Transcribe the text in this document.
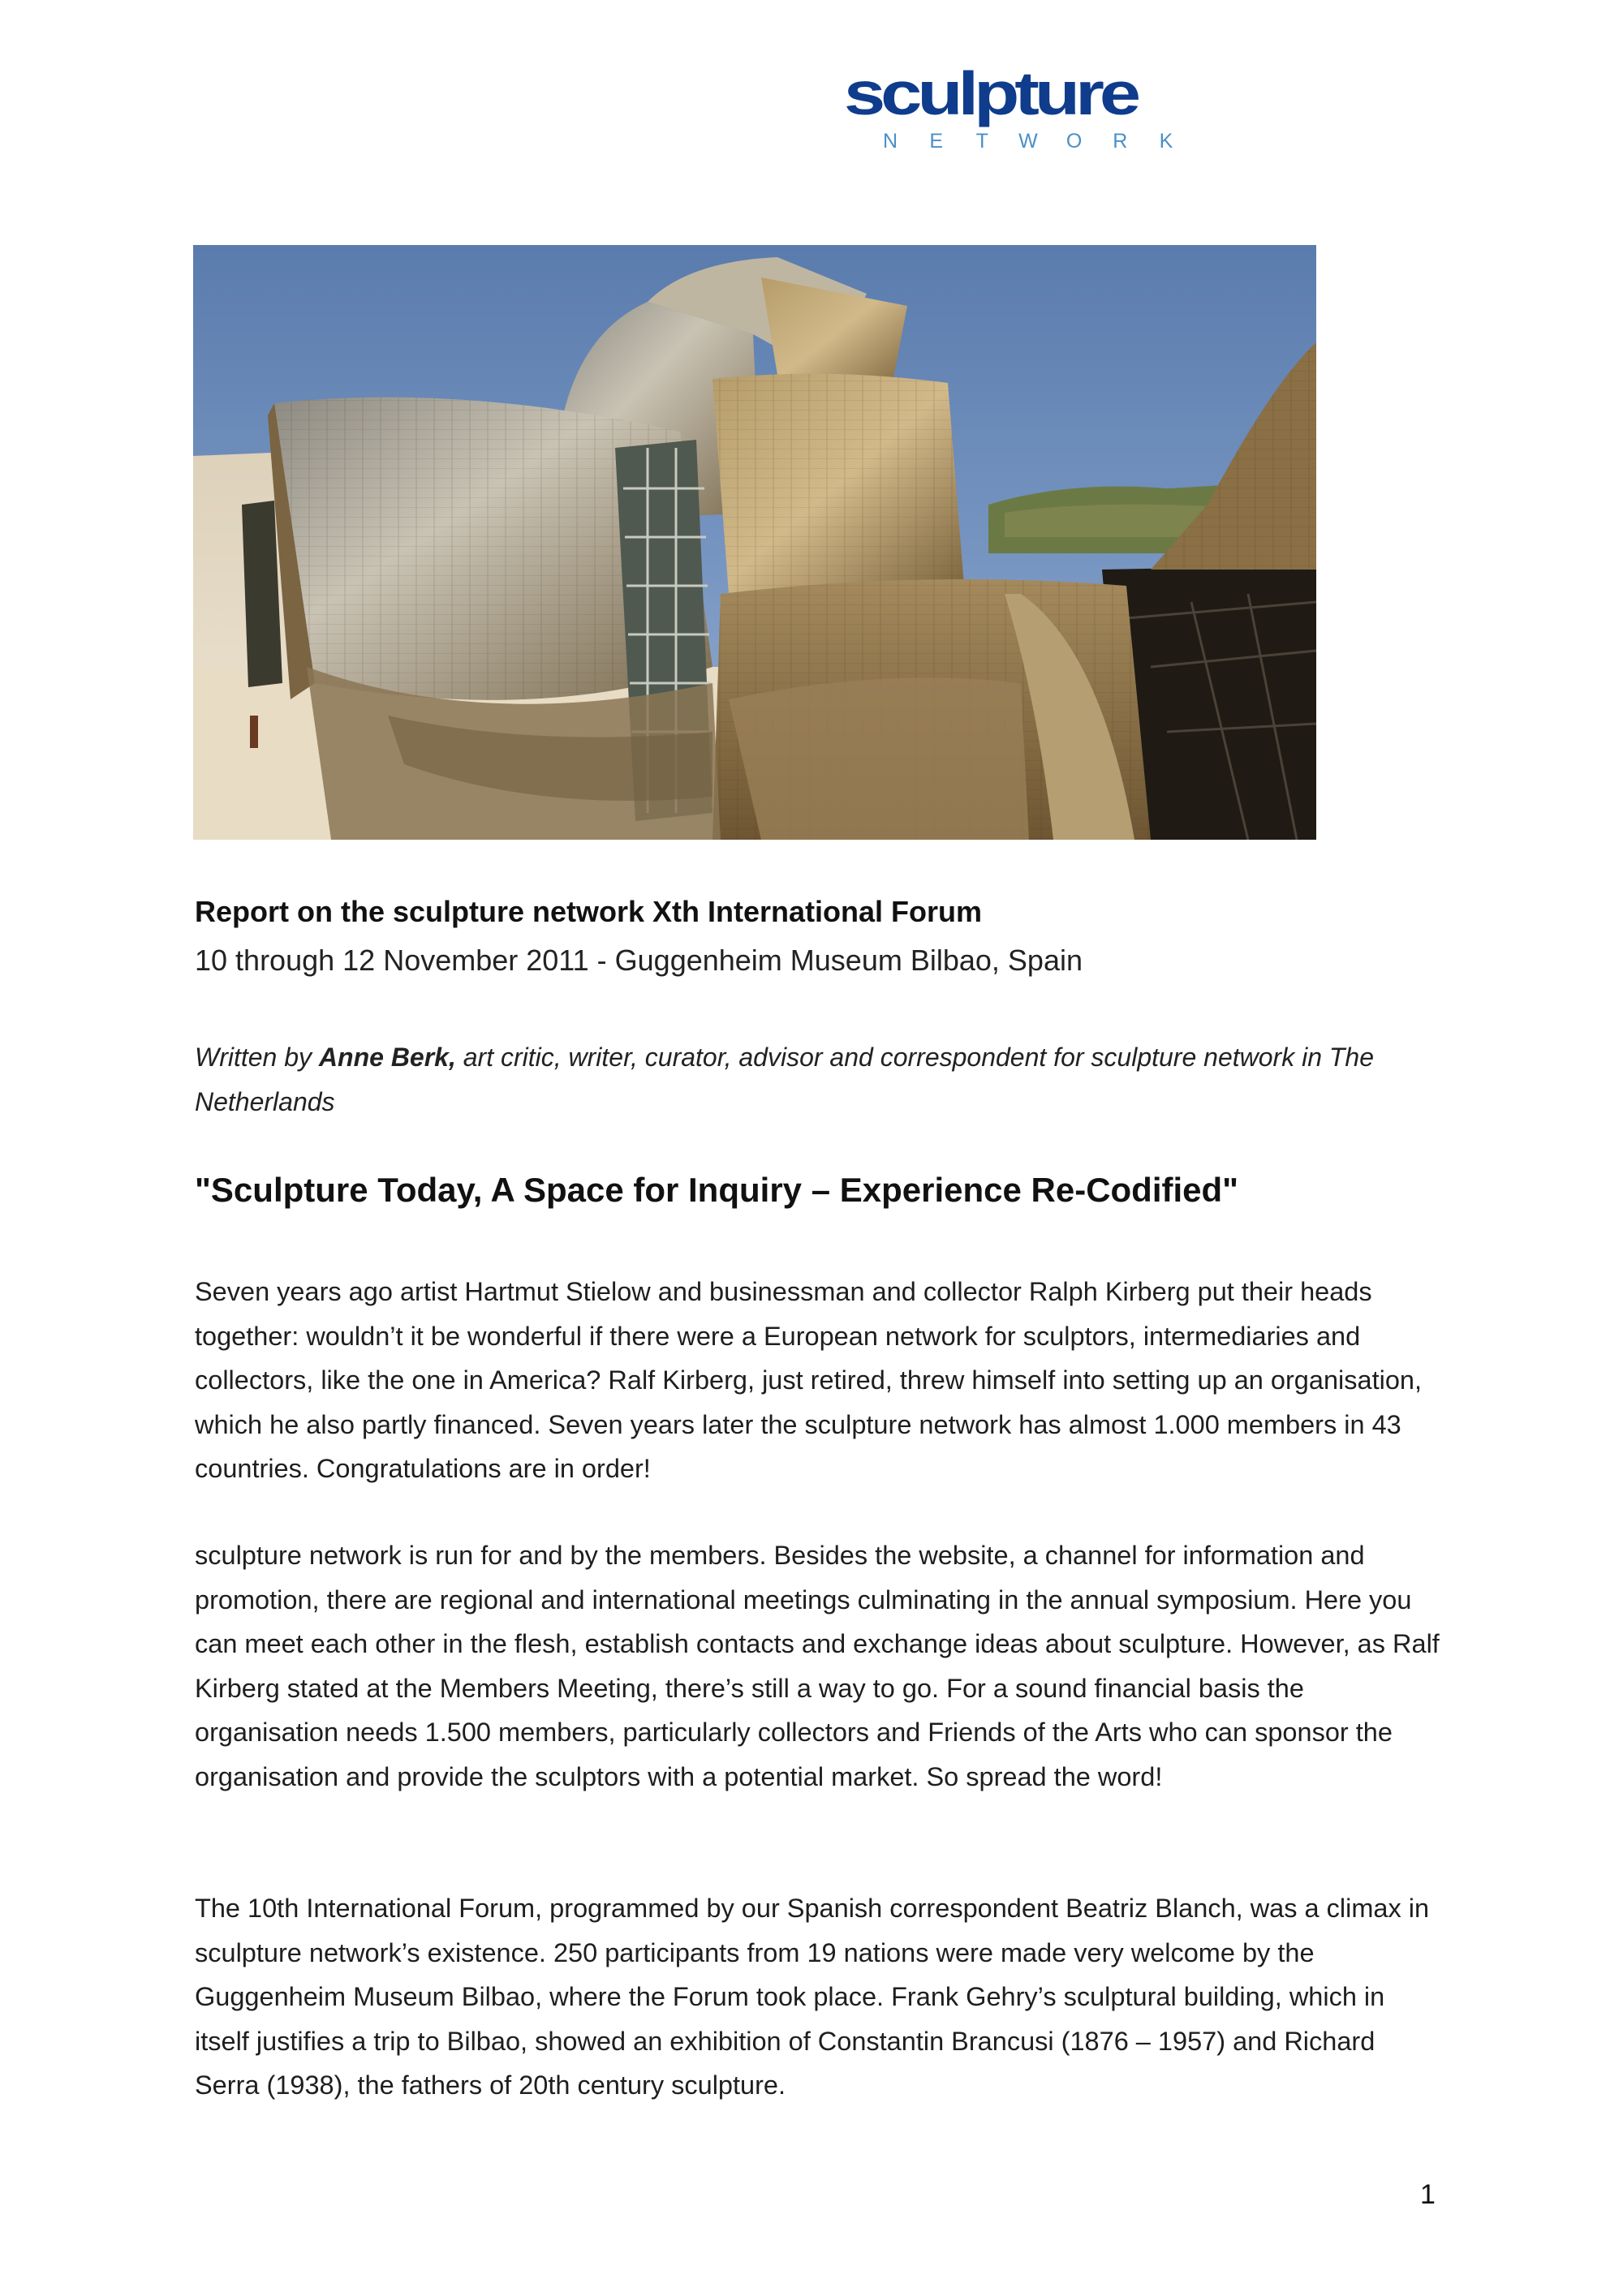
sculpture
N E T W O R K
Report on the sculpture network Xth International Forum
10 through 12 November 2011 - Guggenheim Museum Bilbao, Spain
Written by Anne Berk, art critic, writer, curator, advisor and correspondent for sculpture network in The Netherlands
"Sculpture Today, A Space for Inquiry – Experience Re-Codified"
Seven years ago artist Hartmut Stielow and businessman and collector Ralph Kirberg put their heads together: wouldn’t it be wonderful if there were a European network for sculptors, intermediaries and collectors, like the one in America? Ralf Kirberg, just retired, threw himself into setting up an organisation, which he also partly financed. Seven years later the sculpture network has almost 1.000 members in 43 countries. Congratulations are in order!
sculpture network is run for and by the members. Besides the website, a channel for information and promotion, there are regional and international meetings culminating in the annual symposium. Here you can meet each other in the flesh, establish contacts and exchange ideas about sculpture. However, as Ralf Kirberg stated at the Members Meeting, there’s still a way to go. For a sound financial basis the organisation needs 1.500 members, particularly collectors and Friends of the Arts who can sponsor the organisation and provide the sculptors with a potential market. So spread the word!
The 10th International Forum, programmed by our Spanish correspondent Beatriz Blanch, was a climax in sculpture network’s existence. 250 participants from 19 nations were made very welcome by the Guggenheim Museum Bilbao, where the Forum took place. Frank Gehry’s sculptural building, which in itself justifies a trip to Bilbao, showed an exhibition of Constantin Brancusi (1876 – 1957) and Richard Serra (1938), the fathers of 20th century sculpture.
1
